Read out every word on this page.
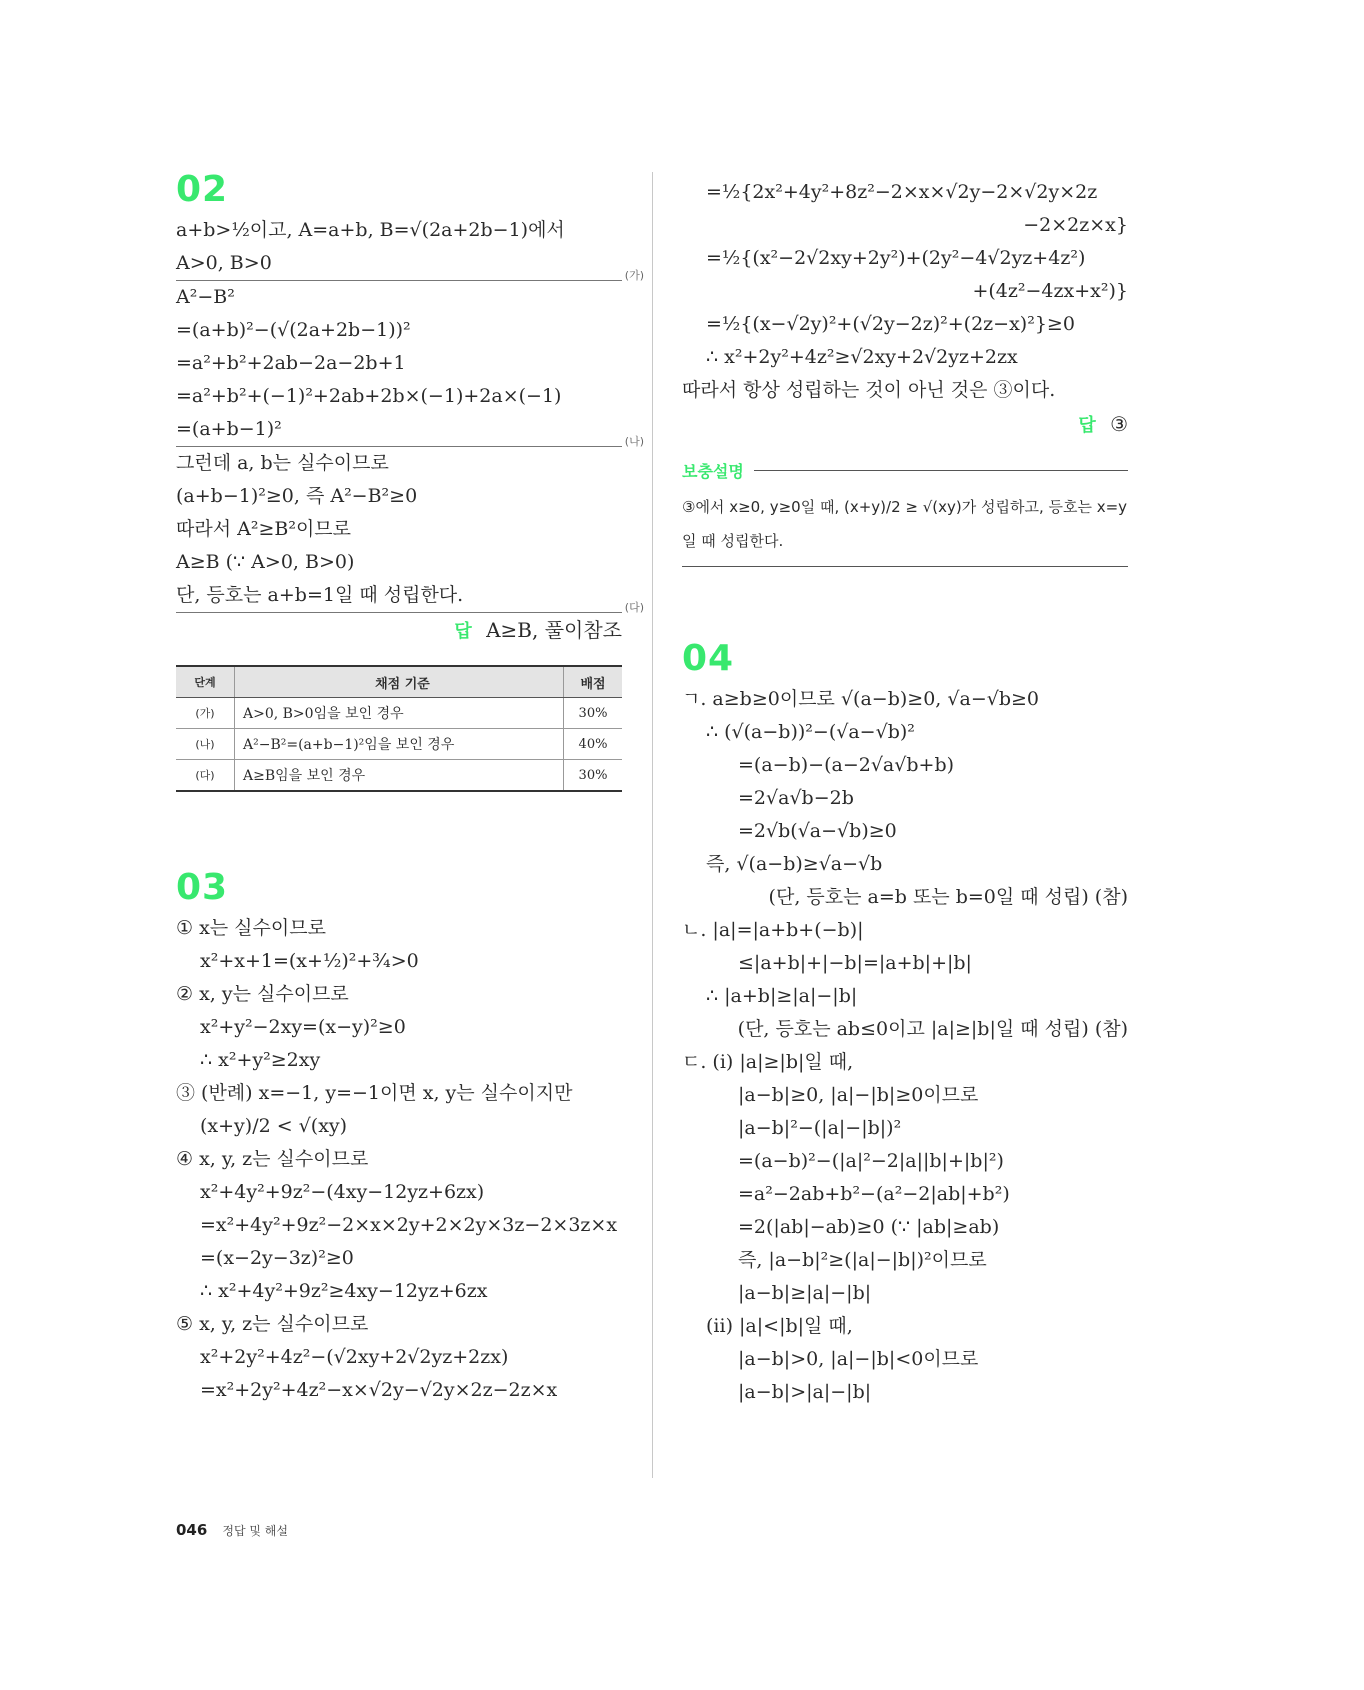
02
a+b>½이고, A=a+b, B=√(2a+2b−1)에서
A>0, B>0
(가)
A²−B²
=(a+b)²−(√(2a+2b−1))²
=a²+b²+2ab−2a−2b+1
=a²+b²+(−1)²+2ab+2b×(−1)+2a×(−1)
=(a+b−1)²
(나)
그런데 a, b는 실수이므로
(a+b−1)²≥0, 즉 A²−B²≥0
따라서 A²≥B²이므로
A≥B (∵ A>0, B>0)
단, 등호는 a+b=1일 때 성립한다.
(다)
답 A≥B, 풀이참조
단계	채점 기준	배점
(가)	A>0, B>0임을 보인 경우	30%
(나)	A²−B²=(a+b−1)²임을 보인 경우	40%
(다)	A≥B임을 보인 경우	30%
03
① x는 실수이므로
x²+x+1=(x+½)²+¾>0
② x, y는 실수이므로
x²+y²−2xy=(x−y)²≥0
∴ x²+y²≥2xy
③ (반례) x=−1, y=−1이면 x, y는 실수이지만
(x+y)/2 < √(xy)
④ x, y, z는 실수이므로
x²+4y²+9z²−(4xy−12yz+6zx)
=x²+4y²+9z²−2×x×2y+2×2y×3z−2×3z×x
=(x−2y−3z)²≥0
∴ x²+4y²+9z²≥4xy−12yz+6zx
⑤ x, y, z는 실수이므로
x²+2y²+4z²−(√2xy+2√2yz+2zx)
=x²+2y²+4z²−x×√2y−√2y×2z−2z×x
=½{2x²+4y²+8z²−2×x×√2y−2×√2y×2z
−2×2z×x}
=½{(x²−2√2xy+2y²)+(2y²−4√2yz+4z²)
+(4z²−4zx+x²)}
=½{(x−√2y)²+(√2y−2z)²+(2z−x)²}≥0
∴ x²+2y²+4z²≥√2xy+2√2yz+2zx
따라서 항상 성립하는 것이 아닌 것은 ③이다.
답 ③
보충설명
③에서 x≥0, y≥0일 때, (x+y)/2 ≥ √(xy)가 성립하고, 등호는 x=y
일 때 성립한다.
04
ㄱ. a≥b≥0이므로 √(a−b)≥0, √a−√b≥0
∴ (√(a−b))²−(√a−√b)²
=(a−b)−(a−2√a√b+b)
=2√a√b−2b
=2√b(√a−√b)≥0
즉, √(a−b)≥√a−√b
(단, 등호는 a=b 또는 b=0일 때 성립) (참)
ㄴ. |a|=|a+b+(−b)|
≤|a+b|+|−b|=|a+b|+|b|
∴ |a+b|≥|a|−|b|
(단, 등호는 ab≤0이고 |a|≥|b|일 때 성립) (참)
ㄷ. (i) |a|≥|b|일 때,
|a−b|≥0, |a|−|b|≥0이므로
|a−b|²−(|a|−|b|)²
=(a−b)²−(|a|²−2|a||b|+|b|²)
=a²−2ab+b²−(a²−2|ab|+b²)
=2(|ab|−ab)≥0 (∵ |ab|≥ab)
즉, |a−b|²≥(|a|−|b|)²이므로
|a−b|≥|a|−|b|
(ii) |a|<|b|일 때,
|a−b|>0, |a|−|b|<0이므로
|a−b|>|a|−|b|
046 정답 및 해설
